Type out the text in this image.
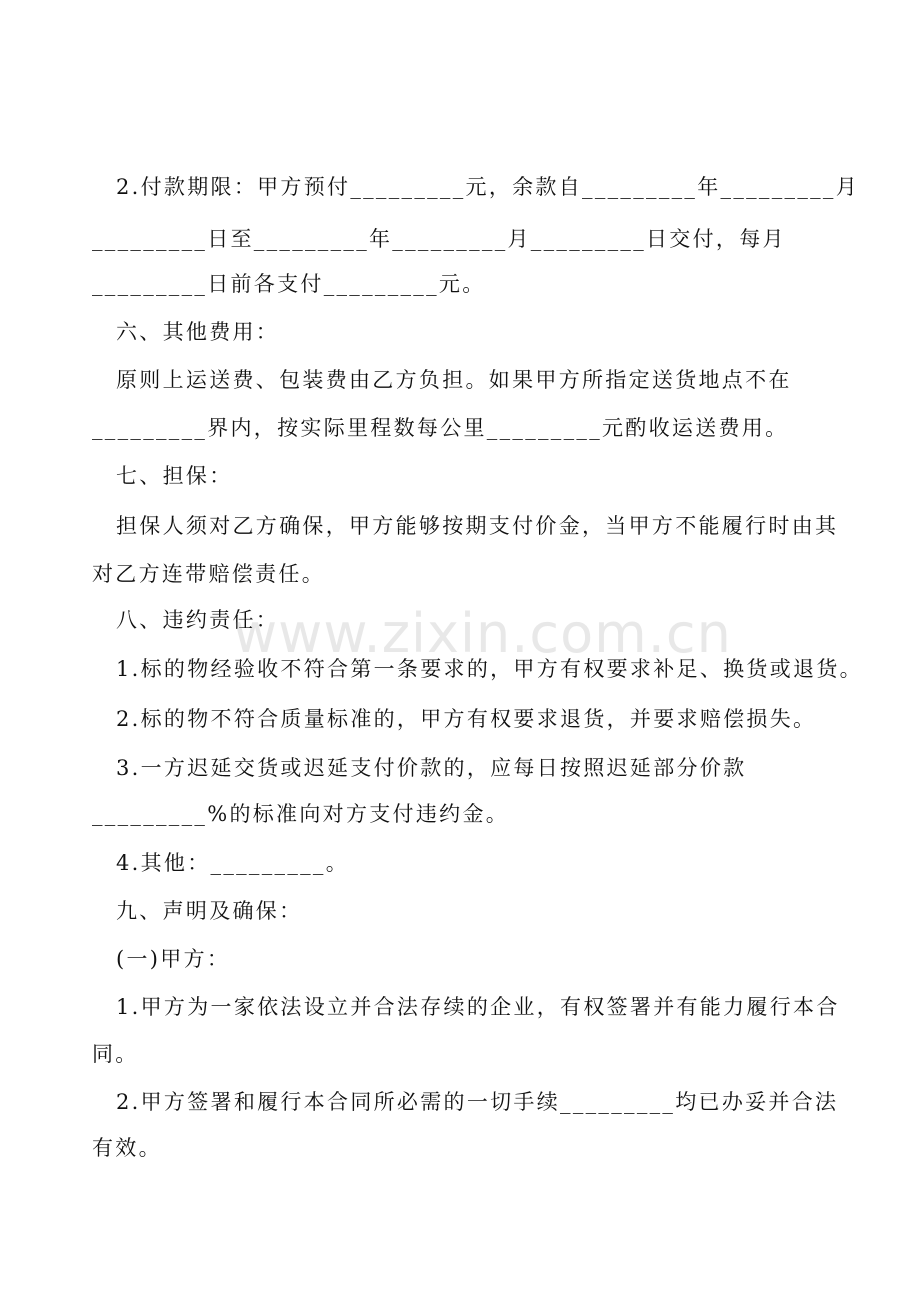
2.付款期限：甲方预付_________元，余款自_________年_________月
_________日至_________年_________月_________日交付，每月
_________日前各支付_________元。
六、其他费用：
原则上运送费、包装费由乙方负担。如果甲方所指定送货地点不在
_________界内，按实际里程数每公里_________元酌收运送费用。
七、担保：
担保人须对乙方确保，甲方能够按期支付价金，当甲方不能履行时由其
对乙方连带赔偿责任。
八、违约责任：
1.标的物经验收不符合第一条要求的，甲方有权要求补足、换货或退货。
2.标的物不符合质量标准的，甲方有权要求退货，并要求赔偿损失。
3.一方迟延交货或迟延支付价款的，应每日按照迟延部分价款
_________%的标准向对方支付违约金。
4.其他：_________。
九、声明及确保：
(一)甲方：
1.甲方为一家依法设立并合法存续的企业，有权签署并有能力履行本合
同。
2.甲方签署和履行本合同所必需的一切手续_________均已办妥并合法
有效。
www.zixin.com.cn
